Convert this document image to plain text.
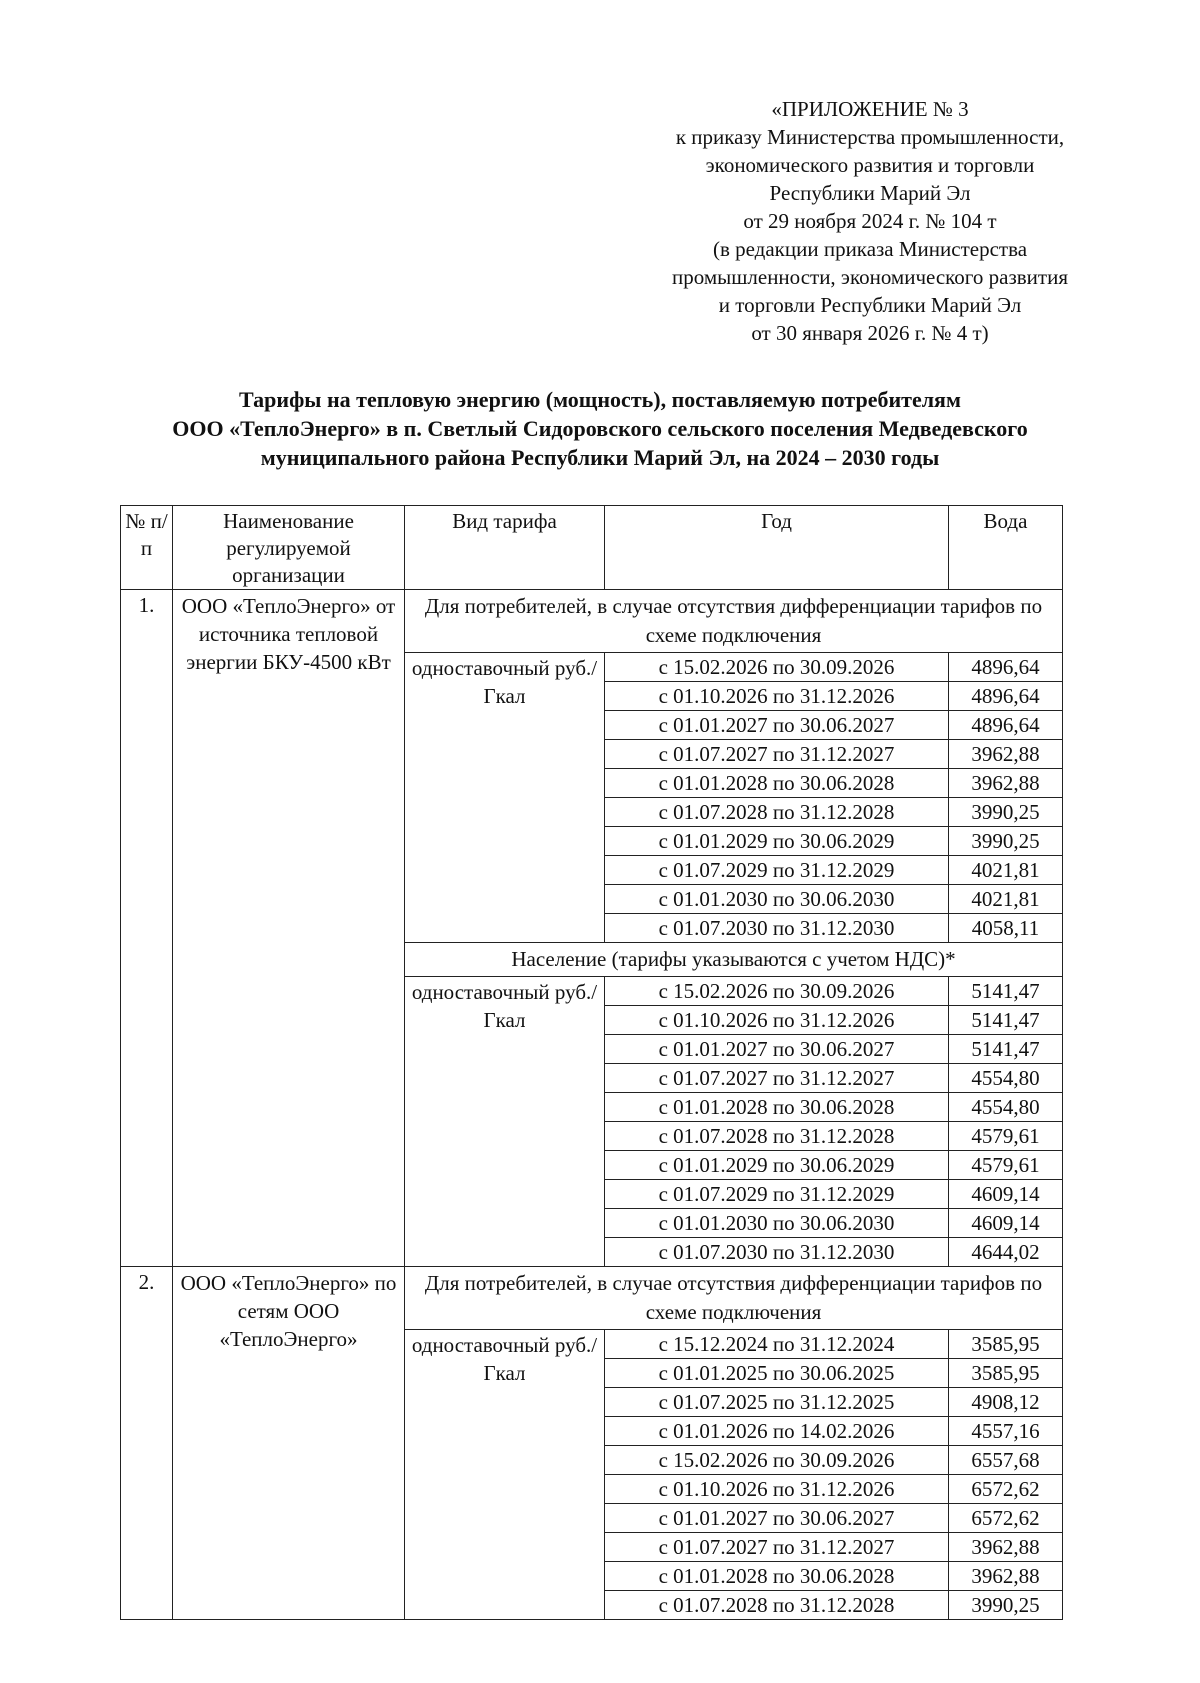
«ПРИЛОЖЕНИЕ № 3
к приказу Министерства промышленности,
экономического развития и торговли
Республики Марий Эл
от 29 ноября 2024 г. № 104 т
(в редакции приказа Министерства
промышленности, экономического развития
и торговли Республики Марий Эл
от 30 января 2026 г. № 4 т)
Тарифы на тепловую энергию (мощность), поставляемую потребителям
ООО «ТеплоЭнерго» в п. Светлый Сидоровского сельского поселения Медведевского
муниципального района Республики Марий Эл, на 2024 – 2030 годы
№ п/п	Наименование регулируемой организации	Вид тарифа	Год	Вода
1.	ООО «ТеплоЭнерго» от источника тепловой энергии БКУ-4500 кВт	Для потребителей, в случае отсутствия дифференциации тарифов по схеме подключения		
		одноставочный руб./Гкал	с 15.02.2026 по 30.09.2026	4896,64
			с 01.10.2026 по 31.12.2026	4896,64
			с 01.01.2027 по 30.06.2027	4896,64
			с 01.07.2027 по 31.12.2027	3962,88
			с 01.01.2028 по 30.06.2028	3962,88
			с 01.07.2028 по 31.12.2028	3990,25
			с 01.01.2029 по 30.06.2029	3990,25
			с 01.07.2029 по 31.12.2029	4021,81
			с 01.01.2030 по 30.06.2030	4021,81
			с 01.07.2030 по 31.12.2030	4058,11
		Население (тарифы указываются с учетом НДС)*		
		одноставочный руб./Гкал	с 15.02.2026 по 30.09.2026	5141,47
			с 01.10.2026 по 31.12.2026	5141,47
			с 01.01.2027 по 30.06.2027	5141,47
			с 01.07.2027 по 31.12.2027	4554,80
			с 01.01.2028 по 30.06.2028	4554,80
			с 01.07.2028 по 31.12.2028	4579,61
			с 01.01.2029 по 30.06.2029	4579,61
			с 01.07.2029 по 31.12.2029	4609,14
			с 01.01.2030 по 30.06.2030	4609,14
			с 01.07.2030 по 31.12.2030	4644,02
2.	ООО «ТеплоЭнерго» по сетям ООО «ТеплоЭнерго»	Для потребителей, в случае отсутствия дифференциации тарифов по схеме подключения		
		одноставочный руб./Гкал	с 15.12.2024 по 31.12.2024	3585,95
			с 01.01.2025 по 30.06.2025	3585,95
			с 01.07.2025 по 31.12.2025	4908,12
			с 01.01.2026 по 14.02.2026	4557,16
			с 15.02.2026 по 30.09.2026	6557,68
			с 01.10.2026 по 31.12.2026	6572,62
			с 01.01.2027 по 30.06.2027	6572,62
			с 01.07.2027 по 31.12.2027	3962,88
			с 01.01.2028 по 30.06.2028	3962,88
			с 01.07.2028 по 31.12.2028	3990,25
